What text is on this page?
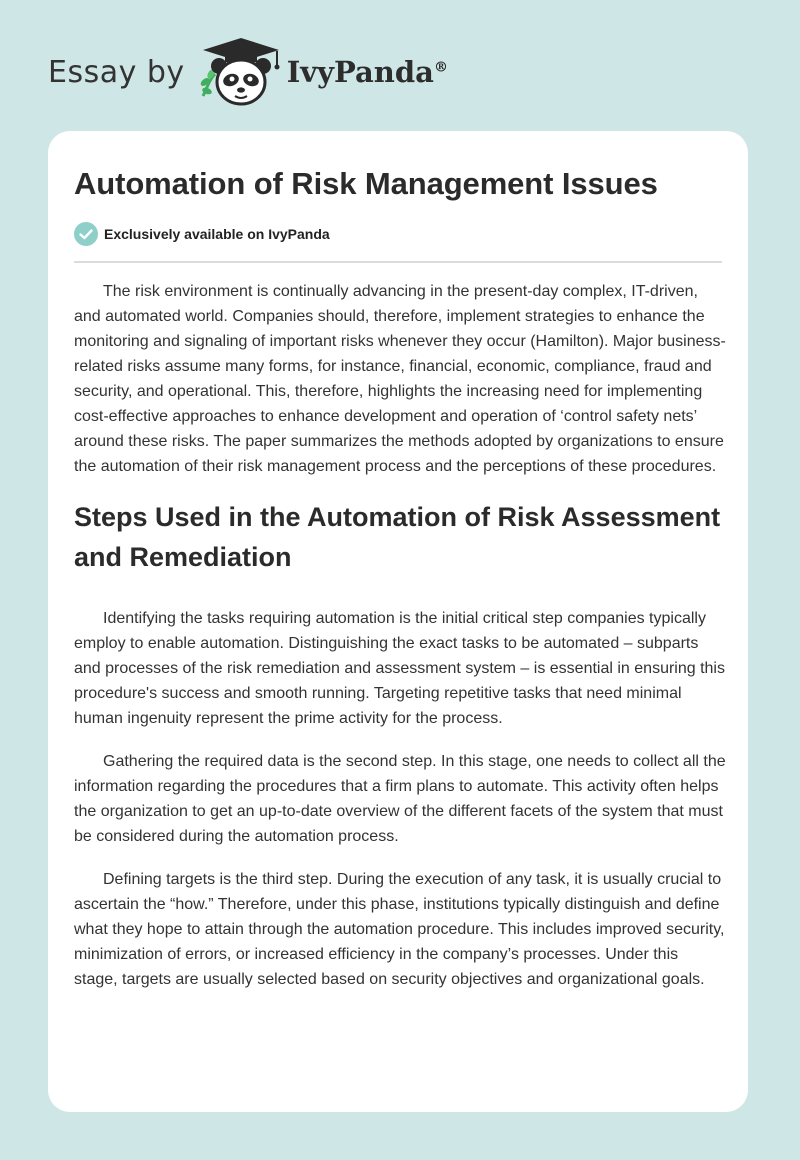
Essay by	IvyPanda®
Automation of Risk Management Issues
Exclusively available on IvyPanda

The risk environment is continually advancing in the present-day complex, IT-driven, and automated world. Companies should, therefore, implement strategies to enhance the monitoring and signaling of important risks whenever they occur (Hamilton). Major business-related risks assume many forms, for instance, financial, economic, compliance, fraud and security, and operational. This, therefore, highlights the increasing need for implementing cost-effective approaches to enhance development and operation of ‘control safety nets’ around these risks. The paper summarizes the methods adopted by organizations to ensure the automation of their risk management process and the perceptions of these procedures.

Steps Used in the Automation of Risk Assessment and Remediation

Identifying the tasks requiring automation is the initial critical step companies typically employ to enable automation. Distinguishing the exact tasks to be automated – subparts and processes of the risk remediation and assessment system – is essential in ensuring this procedure's success and smooth running. Targeting repetitive tasks that need minimal human ingenuity represent the prime activity for the process.

Gathering the required data is the second step. In this stage, one needs to collect all the information regarding the procedures that a firm plans to automate. This activity often helps the organization to get an up-to-date overview of the different facets of the system that must be considered during the automation process.

Defining targets is the third step. During the execution of any task, it is usually crucial to ascertain the “how.” Therefore, under this phase, institutions typically distinguish and define what they hope to attain through the automation procedure. This includes improved security, minimization of errors, or increased efficiency in the company’s processes. Under this stage, targets are usually selected based on security objectives and organizational goals.
